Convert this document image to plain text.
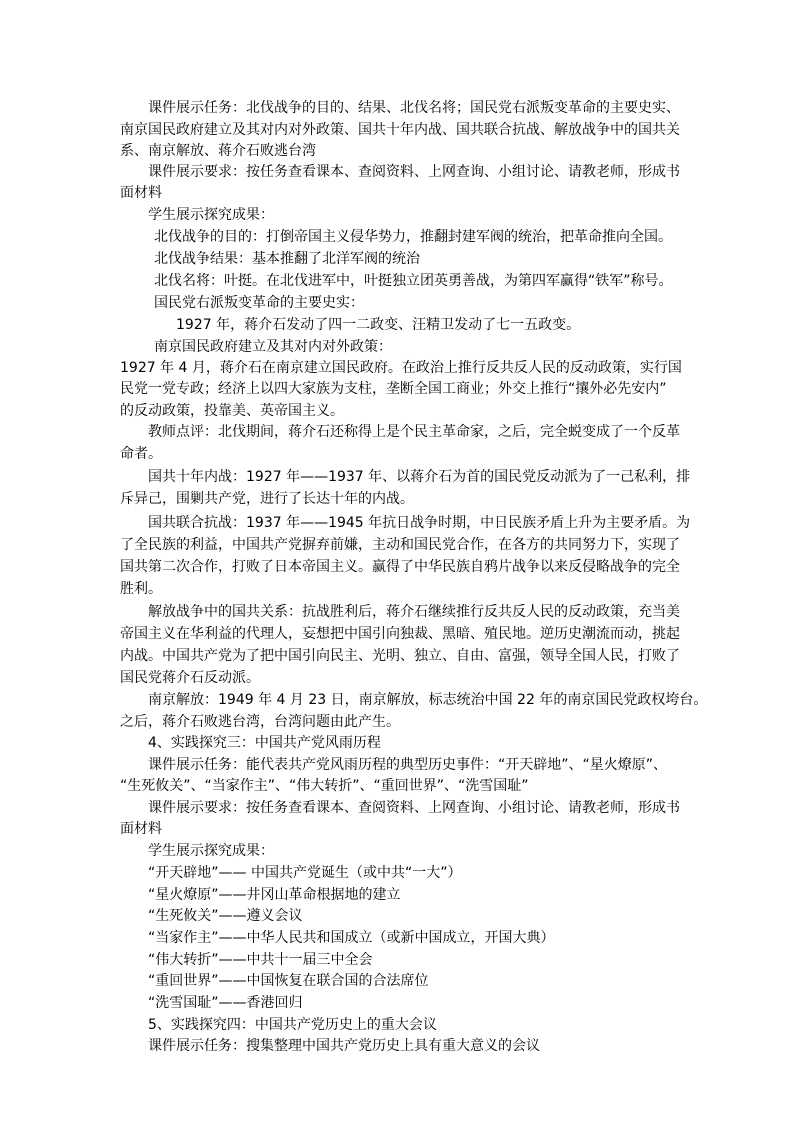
课件展示任务：北伐战争的目的、结果、北伐名将；国民党右派叛变革命的主要史实、
南京国民政府建立及其对内对外政策、国共十年内战、国共联合抗战、解放战争中的国共关
系、南京解放、蒋介石败逃台湾
课件展示要求：按任务查看课本、查阅资料、上网查询、小组讨论、请教老师，形成书
面材料
学生展示探究成果：
北伐战争的目的：打倒帝国主义侵华势力，推翻封建军阀的统治，把革命推向全国。
北伐战争结果：基本推翻了北洋军阀的统治
北伐名将：叶挺。在北伐进军中，叶挺独立团英勇善战，为第四军赢得“铁军”称号。
国民党右派叛变革命的主要史实：
1927 年，蒋介石发动了四一二政变、汪精卫发动了七一五政变。
南京国民政府建立及其对内对外政策：
1927 年 4 月，蒋介石在南京建立国民政府。在政治上推行反共反人民的反动政策，实行国
民党一党专政；经济上以四大家族为支柱，垄断全国工商业；外交上推行“攘外必先安内”
的反动政策，投靠美、英帝国主义。
教师点评：北伐期间，蒋介石还称得上是个民主革命家，之后，完全蜕变成了一个反革
命者。
国共十年内战：1927 年——1937 年、以蒋介石为首的国民党反动派为了一己私利，排
斥异己，围剿共产党，进行了长达十年的内战。
国共联合抗战：1937 年——1945 年抗日战争时期，中日民族矛盾上升为主要矛盾。为
了全民族的利益，中国共产党摒弃前嫌，主动和国民党合作，在各方的共同努力下，实现了
国共第二次合作，打败了日本帝国主义。赢得了中华民族自鸦片战争以来反侵略战争的完全
胜利。
解放战争中的国共关系：抗战胜利后，蒋介石继续推行反共反人民的反动政策，充当美
帝国主义在华利益的代理人，妄想把中国引向独裁、黑暗、殖民地。逆历史潮流而动，挑起
内战。中国共产党为了把中国引向民主、光明、独立、自由、富强，领导全国人民，打败了
国民党蒋介石反动派。
南京解放：1949 年 4 月 23 日，南京解放，标志统治中国 22 年的南京国民党政权垮台。
之后，蒋介石败逃台湾，台湾问题由此产生。
4、实践探究三：中国共产党风雨历程
课件展示任务：能代表共产党风雨历程的典型历史事件：“开天辟地”、“星火燎原”、
“生死攸关”、“当家作主”、“伟大转折”、“重回世界”、“洗雪国耻”
课件展示要求：按任务查看课本、查阅资料、上网查询、小组讨论、请教老师，形成书
面材料
学生展示探究成果：
“开天辟地”—— 中国共产党诞生（或中共“一大”）
“星火燎原”——井冈山革命根据地的建立
“生死攸关”——遵义会议
“当家作主”——中华人民共和国成立（或新中国成立，开国大典）
“伟大转折”——中共十一届三中全会
“重回世界”——中国恢复在联合国的合法席位
“洗雪国耻”——香港回归
5、实践探究四：中国共产党历史上的重大会议
课件展示任务：搜集整理中国共产党历史上具有重大意义的会议
